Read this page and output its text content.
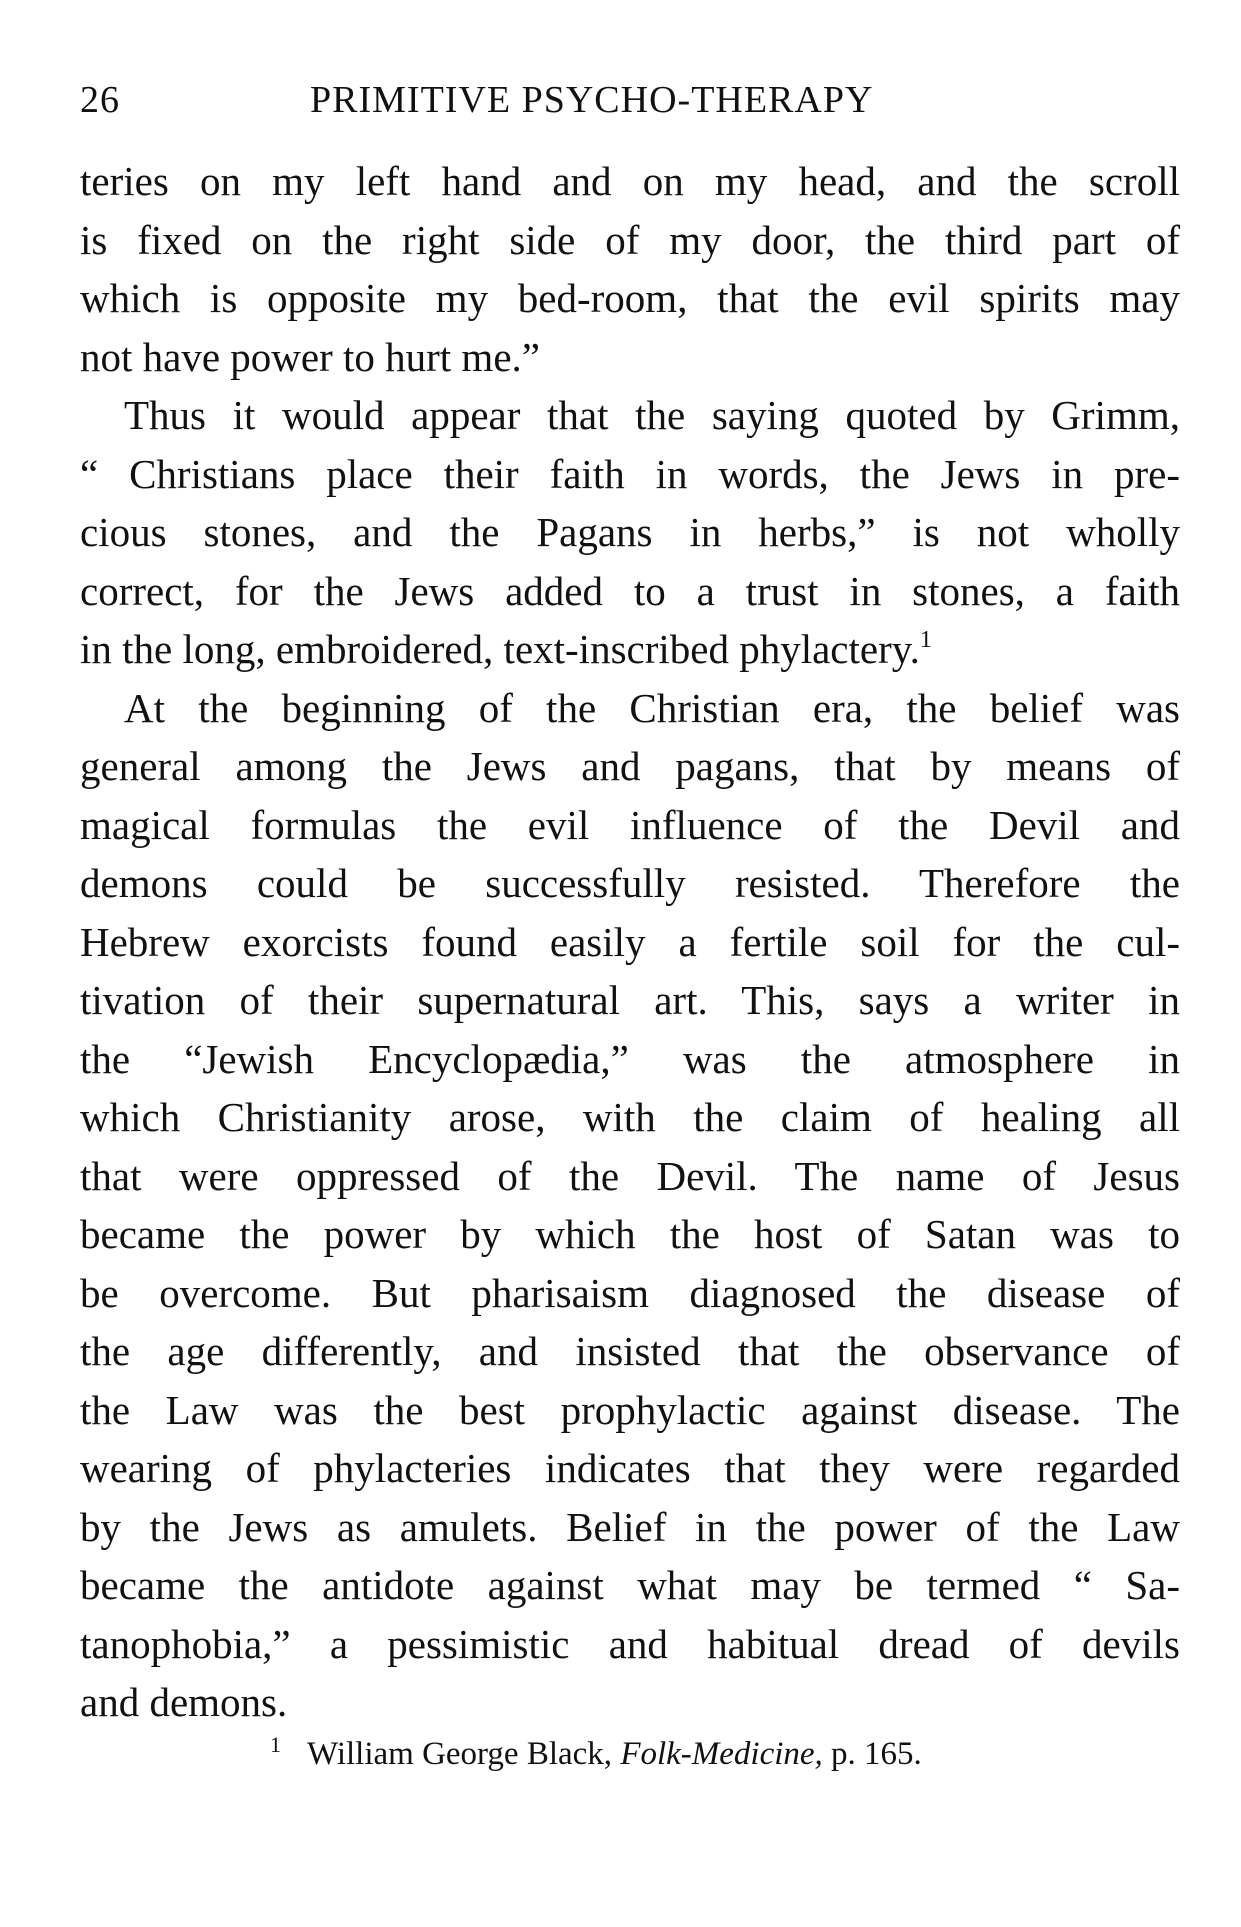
26	PRIMITIVE PSYCHO-THERAPY
teries on my left hand and on my head, and the scroll
is fixed on the right side of my door, the third part of
which is opposite my bed-room, that the evil spirits may
not have power to hurt me.”
Thus it would appear that the saying quoted by Grimm,
“ Christians place their faith in words, the Jews in pre-
cious stones, and the Pagans in herbs,” is not wholly
correct, for the Jews added to a trust in stones, a faith
in the long, embroidered, text-inscribed phylactery.$^1$
At the beginning of the Christian era, the belief was
general among the Jews and pagans, that by means of
magical formulas the evil influence of the Devil and
demons could be successfully resisted. Therefore the
Hebrew exorcists found easily a fertile soil for the cul-
tivation of their supernatural art. This, says a writer in
the “Jewish Encyclopædia,” was the atmosphere in
which Christianity arose, with the claim of healing all
that were oppressed of the Devil. The name of Jesus
became the power by which the host of Satan was to
be overcome. But pharisaism diagnosed the disease of
the age differently, and insisted that the observance of
the Law was the best prophylactic against disease. The
wearing of phylacteries indicates that they were regarded
by the Jews as amulets. Belief in the power of the Law
became the antidote against what may be termed “ Sa-
tanophobia,” a pessimistic and habitual dread of devils
and demons.
$^1$ William George Black, Folk-Medicine, p. 165.
